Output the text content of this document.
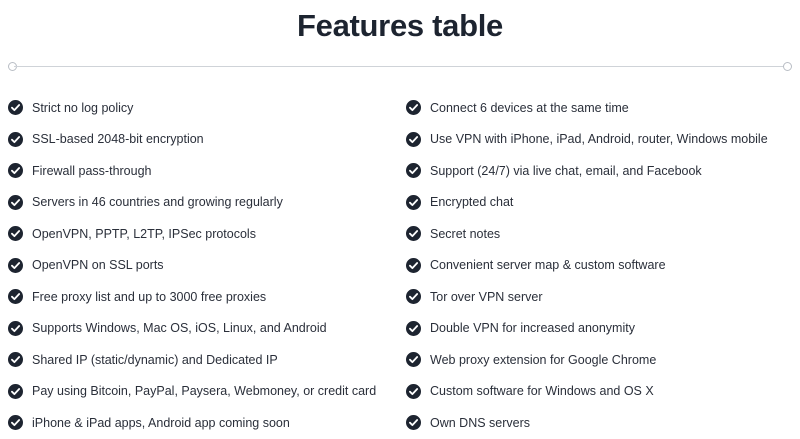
Features table
Strict no log policy
SSL-based 2048-bit encryption
Firewall pass-through
Servers in 46 countries and growing regularly
OpenVPN, PPTP, L2TP, IPSec protocols
OpenVPN on SSL ports
Free proxy list and up to 3000 free proxies
Supports Windows, Mac OS, iOS, Linux, and Android
Shared IP (static/dynamic) and Dedicated IP
Pay using Bitcoin, PayPal, Paysera, Webmoney, or credit card
iPhone & iPad apps, Android app coming soon
Connect 6 devices at the same time
Use VPN with iPhone, iPad, Android, router, Windows mobile
Support (24/7) via live chat, email, and Facebook
Encrypted chat
Secret notes
Convenient server map & custom software
Tor over VPN server
Double VPN for increased anonymity
Web proxy extension for Google Chrome
Custom software for Windows and OS X
Own DNS servers
